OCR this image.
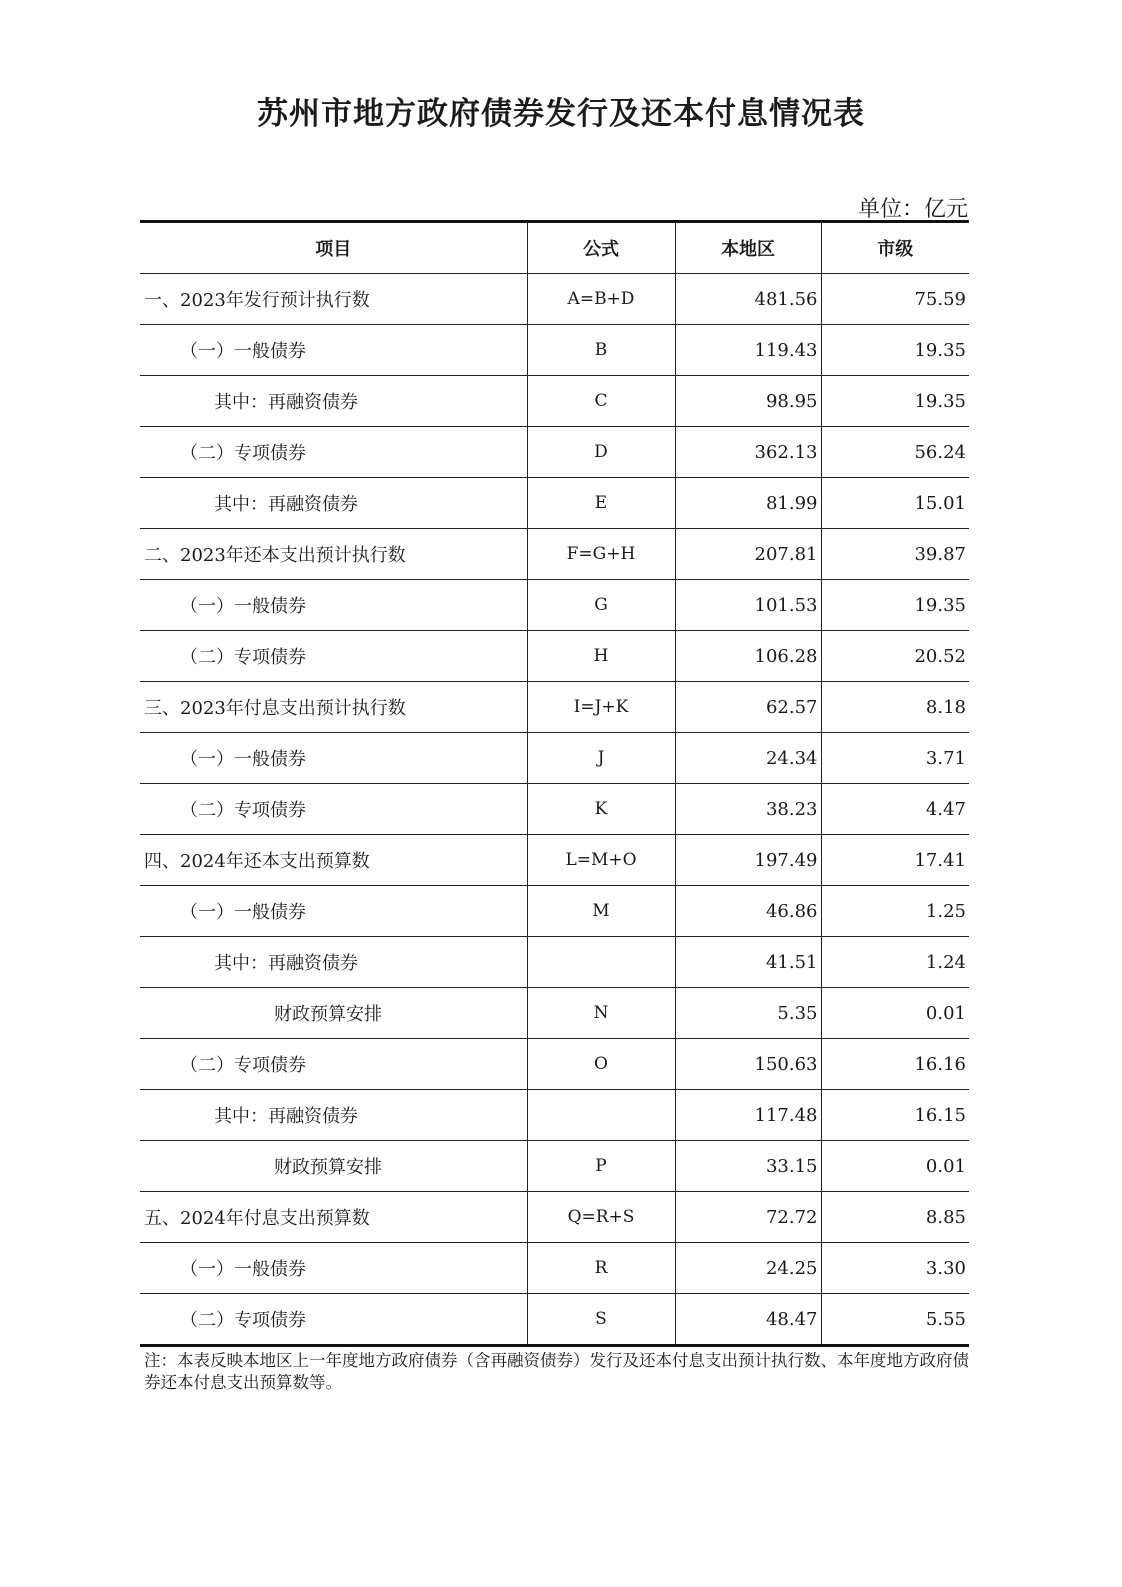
苏州市地方政府债券发行及还本付息情况表
单位：亿元
项目	公式	本地区	市级
一、2023年发行预计执行数	A=B+D	481.56	75.59
（一）一般债券	B	119.43	19.35
其中：再融资债券	C	98.95	19.35
（二）专项债券	D	362.13	56.24
其中：再融资债券	E	81.99	15.01
二、2023年还本支出预计执行数	F=G+H	207.81	39.87
（一）一般债券	G	101.53	19.35
（二）专项债券	H	106.28	20.52
三、2023年付息支出预计执行数	I=J+K	62.57	8.18
（一）一般债券	J	24.34	3.71
（二）专项债券	K	38.23	4.47
四、2024年还本支出预算数	L=M+O	197.49	17.41
（一）一般债券	M	46.86	1.25
其中：再融资债券		41.51	1.24
财政预算安排	N	5.35	0.01
（二）专项债券	O	150.63	16.16
其中：再融资债券		117.48	16.15
财政预算安排	P	33.15	0.01
五、2024年付息支出预算数	Q=R+S	72.72	8.85
（一）一般债券	R	24.25	3.30
（二）专项债券	S	48.47	5.55
注：本表反映本地区上一年度地方政府债券（含再融资债券）发行及还本付息支出预计执行数、本年度地方政府债券还本付息支出预算数等。
